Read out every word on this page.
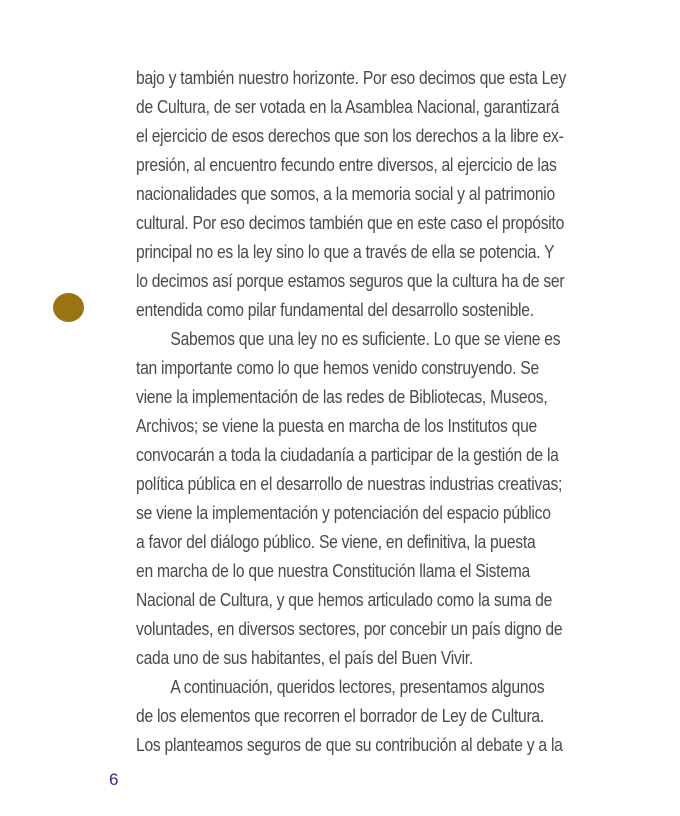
bajo y también nuestro horizonte. Por eso decimos que esta Ley
de Cultura, de ser votada en la Asamblea Nacional, garantizará
el ejercicio de esos derechos que son los derechos a la libre ex-
presión, al encuentro fecundo entre diversos, al ejercicio de las
nacionalidades que somos, a la memoria social y al patrimonio
cultural. Por eso decimos también que en este caso el propósito
principal no es la ley sino lo que a través de ella se potencia. Y
lo decimos así porque estamos seguros que la cultura ha de ser
entendida como pilar fundamental del desarrollo sostenible.
Sabemos que una ley no es suficiente. Lo que se viene es
tan importante como lo que hemos venido construyendo. Se
viene la implementación de las redes de Bibliotecas, Museos,
Archivos; se viene la puesta en marcha de los Institutos que
convocarán a toda la ciudadanía a participar de la gestión de la
política pública en el desarrollo de nuestras industrias creativas;
se viene la implementación y potenciación del espacio público
a favor del diálogo público. Se viene, en definitiva, la puesta
en marcha de lo que nuestra Constitución llama el Sistema
Nacional de Cultura, y que hemos articulado como la suma de
voluntades, en diversos sectores, por concebir un país digno de
cada uno de sus habitantes, el país del Buen Vivir.
A continuación, queridos lectores, presentamos algunos
de los elementos que recorren el borrador de Ley de Cultura.
Los planteamos seguros de que su contribución al debate y a la
6
